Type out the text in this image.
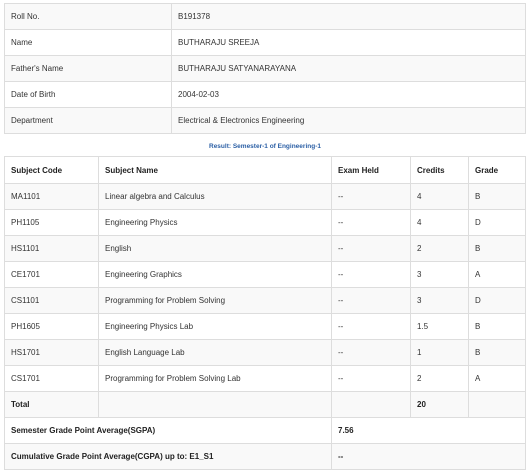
Roll No.	B191378
Name	BUTHARAJU SREEJA
Father's Name	BUTHARAJU SATYANARAYANA
Date of Birth	2004-02-03
Department	Electrical & Electronics Engineering
Result: Semester-1 of Engineering-1
Subject Code	Subject Name	Exam Held	Credits	Grade
MA1101	Linear algebra and Calculus	--	4	B
PH1105	Engineering Physics	--	4	D
HS1101	English	--	2	B
CE1701	Engineering Graphics	--	3	A
CS1101	Programming for Problem Solving	--	3	D
PH1605	Engineering Physics Lab	--	1.5	B
HS1701	English Language Lab	--	1	B
CS1701	Programming for Problem Solving Lab	--	2	A
Total			20	
Semester Grade Point Average(SGPA)	7.56
Cumulative Grade Point Average(CGPA) up to: E1_S1	--
